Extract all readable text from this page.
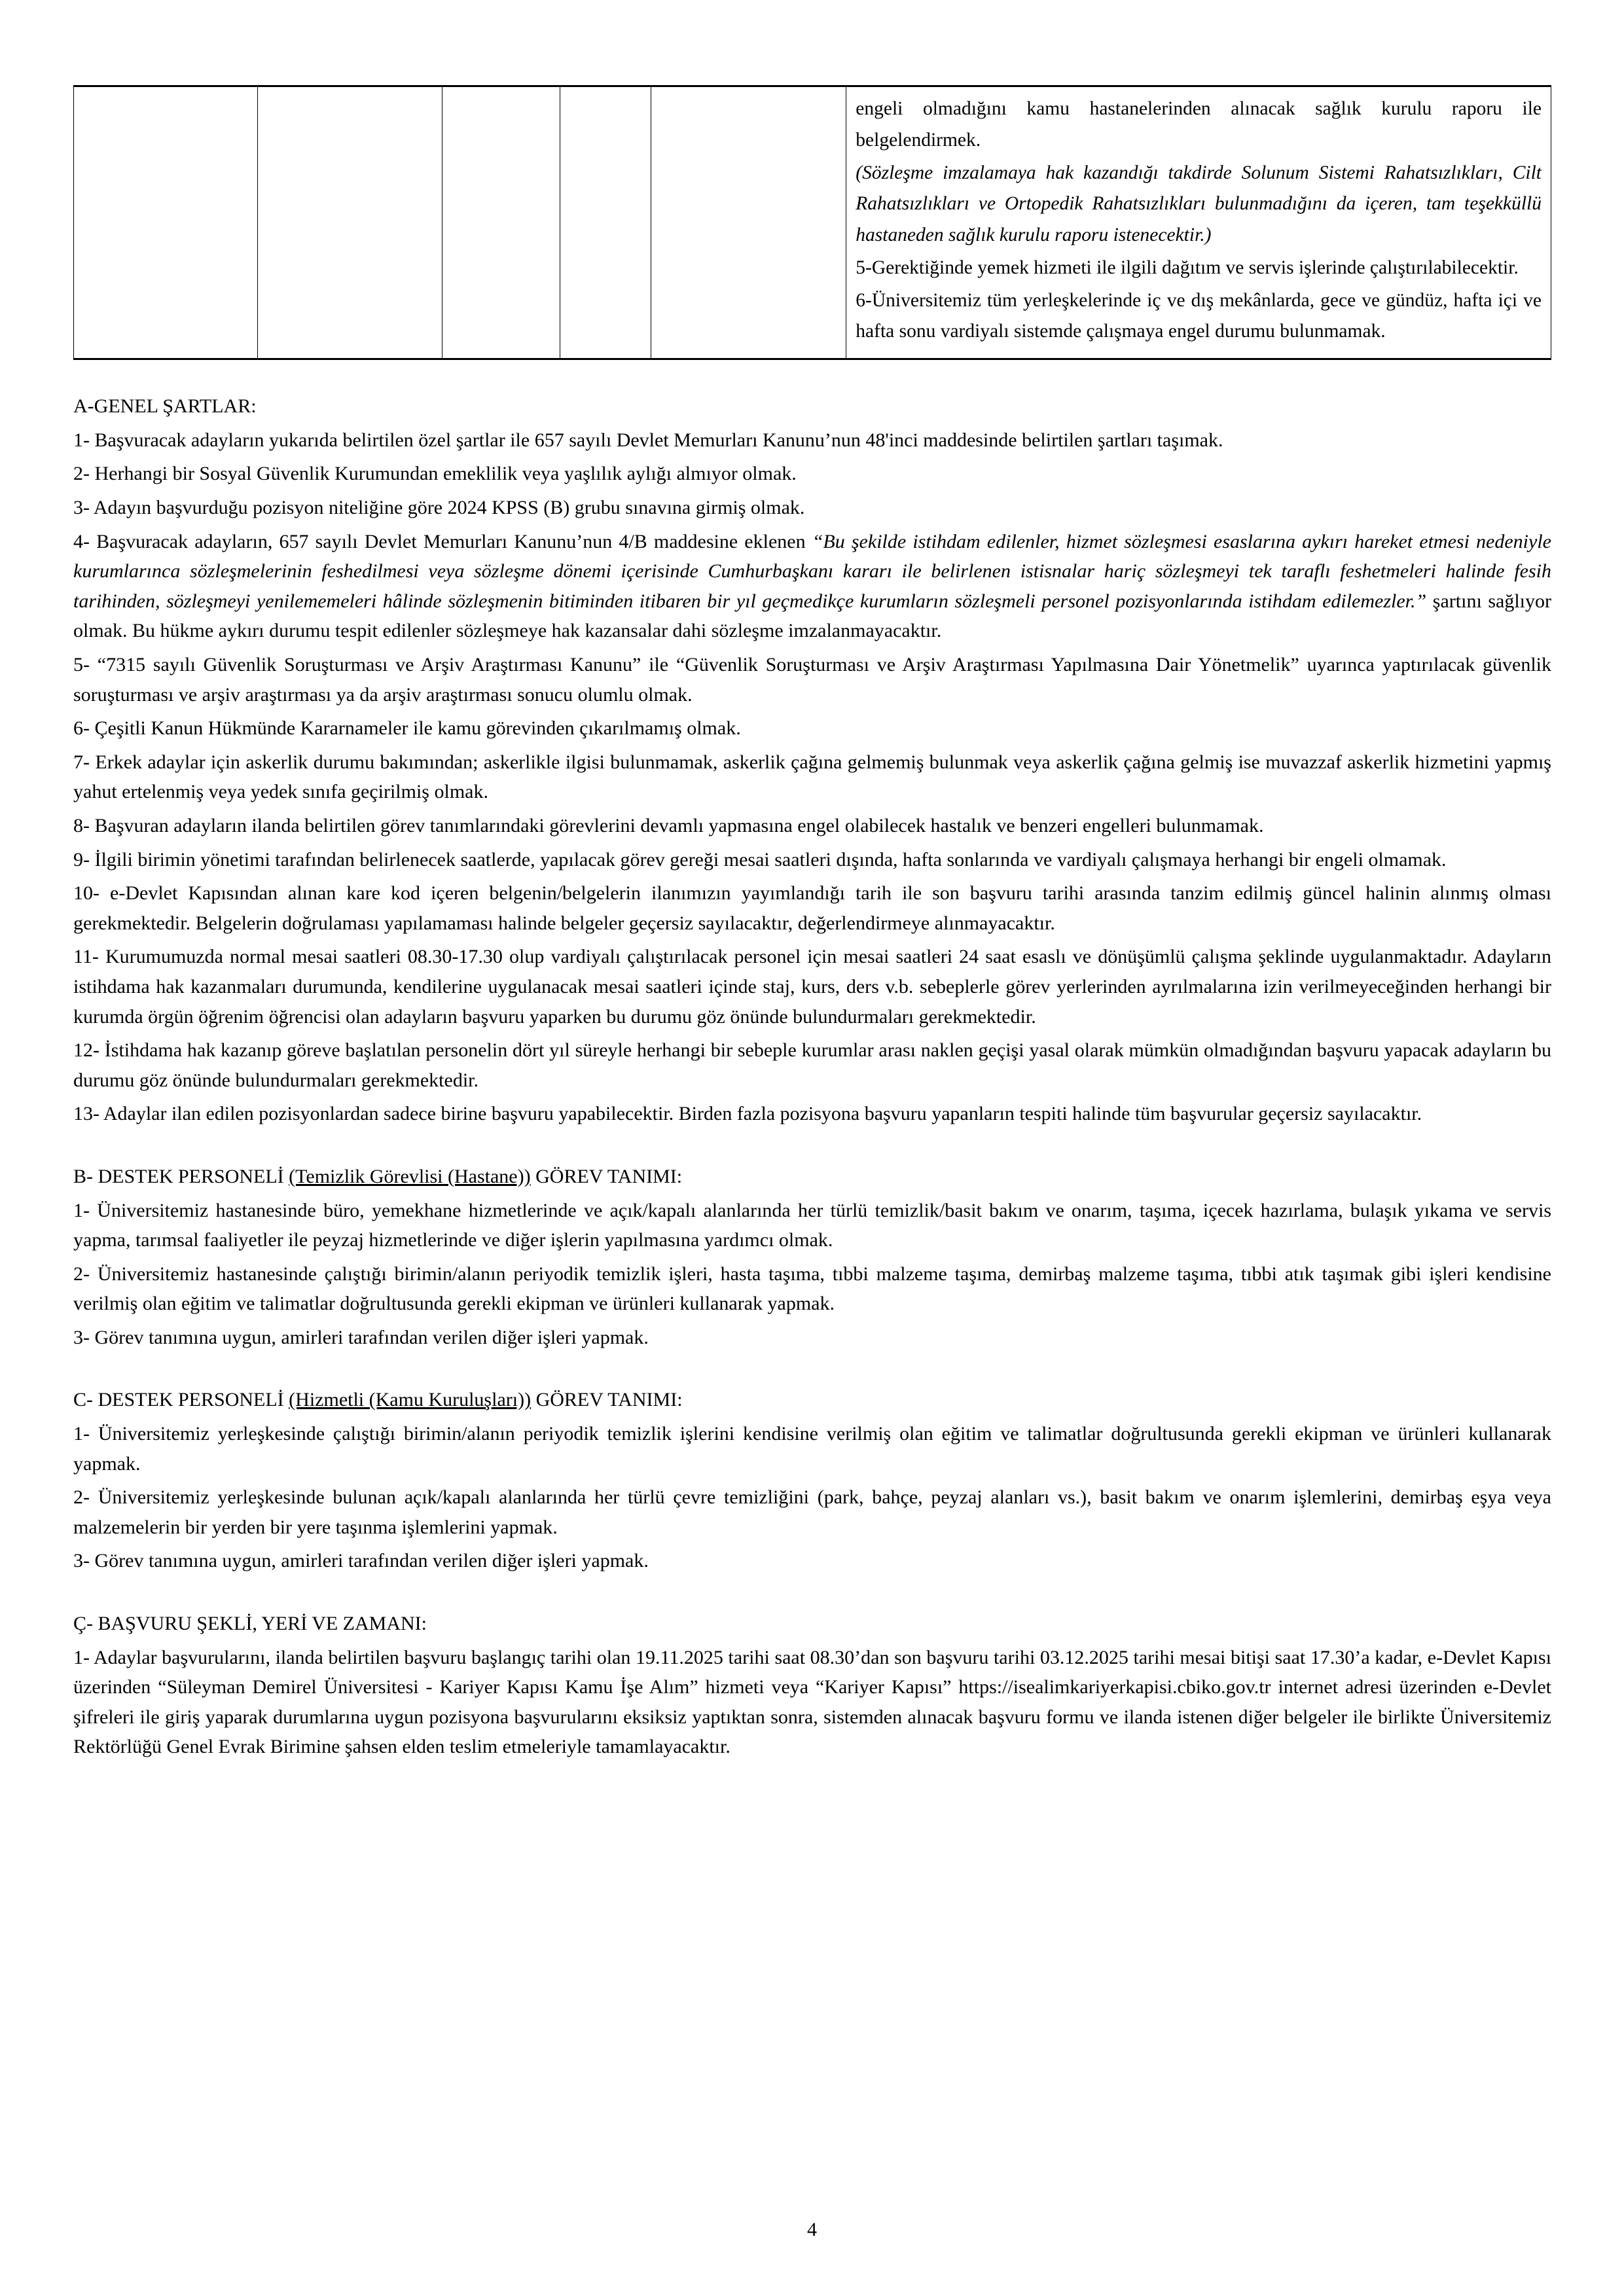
engeli olmadığını kamu hastanelerinden alınacak sağlık kurulu raporu ile belgelendirmek.

(Sözleşme imzalamaya hak kazandığı takdirde Solunum Sistemi Rahatsızlıkları, Cilt Rahatsızlıkları ve Ortopedik Rahatsızlıkları bulunmadığını da içeren, tam teşekküllü hastaneden sağlık kurulu raporu istenecektir.)

5-Gerektiğinde yemek hizmeti ile ilgili dağıtım ve servis işlerinde çalıştırılabilecektir.

6-Üniversitemiz tüm yerleşkelerinde iç ve dış mekânlarda, gece ve gündüz, hafta içi ve hafta sonu vardiyalı sistemde çalışmaya engel durumu bulunmamak.

A-GENEL ŞARTLAR:

1- Başvuracak adayların yukarıda belirtilen özel şartlar ile 657 sayılı Devlet Memurları Kanunu’nun 48'inci maddesinde belirtilen şartları taşımak.

2- Herhangi bir Sosyal Güvenlik Kurumundan emeklilik veya yaşlılık aylığı almıyor olmak.

3- Adayın başvurduğu pozisyon niteliğine göre 2024 KPSS (B) grubu sınavına girmiş olmak.

4- Başvuracak adayların, 657 sayılı Devlet Memurları Kanunu’nun 4/B maddesine eklenen “Bu şekilde istihdam edilenler, hizmet sözleşmesi esaslarına aykırı hareket etmesi nedeniyle kurumlarınca sözleşmelerinin feshedilmesi veya sözleşme dönemi içerisinde Cumhurbaşkanı kararı ile belirlenen istisnalar hariç sözleşmeyi tek taraflı feshetmeleri halinde fesih tarihinden, sözleşmeyi yenilememeleri hâlinde sözleşmenin bitiminden itibaren bir yıl geçmedikçe kurumların sözleşmeli personel pozisyonlarında istihdam edilemezler.” şartını sağlıyor olmak. Bu hükme aykırı durumu tespit edilenler sözleşmeye hak kazansalar dahi sözleşme imzalanmayacaktır.

5- “7315 sayılı Güvenlik Soruşturması ve Arşiv Araştırması Kanunu” ile “Güvenlik Soruşturması ve Arşiv Araştırması Yapılmasına Dair Yönetmelik” uyarınca yaptırılacak güvenlik soruşturması ve arşiv araştırması ya da arşiv araştırması sonucu olumlu olmak.

6- Çeşitli Kanun Hükmünde Kararnameler ile kamu görevinden çıkarılmamış olmak.

7- Erkek adaylar için askerlik durumu bakımından; askerlikle ilgisi bulunmamak, askerlik çağına gelmemiş bulunmak veya askerlik çağına gelmiş ise muvazzaf askerlik hizmetini yapmış yahut ertelenmiş veya yedek sınıfa geçirilmiş olmak.

8- Başvuran adayların ilanda belirtilen görev tanımlarındaki görevlerini devamlı yapmasına engel olabilecek hastalık ve benzeri engelleri bulunmamak.

9- İlgili birimin yönetimi tarafından belirlenecek saatlerde, yapılacak görev gereği mesai saatleri dışında, hafta sonlarında ve vardiyalı çalışmaya herhangi bir engeli olmamak.

10- e-Devlet Kapısından alınan kare kod içeren belgenin/belgelerin ilanımızın yayımlandığı tarih ile son başvuru tarihi arasında tanzim edilmiş güncel halinin alınmış olması gerekmektedir. Belgelerin doğrulaması yapılamaması halinde belgeler geçersiz sayılacaktır, değerlendirmeye alınmayacaktır.

11- Kurumumuzda normal mesai saatleri 08.30-17.30 olup vardiyalı çalıştırılacak personel için mesai saatleri 24 saat esaslı ve dönüşümlü çalışma şeklinde uygulanmaktadır. Adayların istihdama hak kazanmaları durumunda, kendilerine uygulanacak mesai saatleri içinde staj, kurs, ders v.b. sebeplerle görev yerlerinden ayrılmalarına izin verilmeyeceğinden herhangi bir kurumda örgün öğrenim öğrencisi olan adayların başvuru yaparken bu durumu göz önünde bulundurmaları gerekmektedir.

12- İstihdama hak kazanıp göreve başlatılan personelin dört yıl süreyle herhangi bir sebeple kurumlar arası naklen geçişi yasal olarak mümkün olmadığından başvuru yapacak adayların bu durumu göz önünde bulundurmaları gerekmektedir.

13- Adaylar ilan edilen pozisyonlardan sadece birine başvuru yapabilecektir. Birden fazla pozisyona başvuru yapanların tespiti halinde tüm başvurular geçersiz sayılacaktır.

B- DESTEK PERSONELİ (Temizlik Görevlisi (Hastane)) GÖREV TANIMI:

1- Üniversitemiz hastanesinde büro, yemekhane hizmetlerinde ve açık/kapalı alanlarında her türlü temizlik/basit bakım ve onarım, taşıma, içecek hazırlama, bulaşık yıkama ve servis yapma, tarımsal faaliyetler ile peyzaj hizmetlerinde ve diğer işlerin yapılmasına yardımcı olmak.

2- Üniversitemiz hastanesinde çalıştığı birimin/alanın periyodik temizlik işleri, hasta taşıma, tıbbi malzeme taşıma, demirbaş malzeme taşıma, tıbbi atık taşımak gibi işleri kendisine verilmiş olan eğitim ve talimatlar doğrultusunda gerekli ekipman ve ürünleri kullanarak yapmak.

3- Görev tanımına uygun, amirleri tarafından verilen diğer işleri yapmak.

C- DESTEK PERSONELİ (Hizmetli (Kamu Kuruluşları)) GÖREV TANIMI:

1- Üniversitemiz yerleşkesinde çalıştığı birimin/alanın periyodik temizlik işlerini kendisine verilmiş olan eğitim ve talimatlar doğrultusunda gerekli ekipman ve ürünleri kullanarak yapmak.

2- Üniversitemiz yerleşkesinde bulunan açık/kapalı alanlarında her türlü çevre temizliğini (park, bahçe, peyzaj alanları vs.), basit bakım ve onarım işlemlerini, demirbaş eşya veya malzemelerin bir yerden bir yere taşınma işlemlerini yapmak.

3- Görev tanımına uygun, amirleri tarafından verilen diğer işleri yapmak.

Ç- BAŞVURU ŞEKLİ, YERİ VE ZAMANI:

1- Adaylar başvurularını, ilanda belirtilen başvuru başlangıç tarihi olan 19.11.2025 tarihi saat 08.30’dan son başvuru tarihi 03.12.2025 tarihi mesai bitişi saat 17.30’a kadar, e-Devlet Kapısı üzerinden “Süleyman Demirel Üniversitesi - Kariyer Kapısı Kamu İşe Alım” hizmeti veya “Kariyer Kapısı” https://isealimkariyerkapisi.cbiko.gov.tr internet adresi üzerinden e-Devlet şifreleri ile giriş yaparak durumlarına uygun pozisyona başvurularını eksiksiz yaptıktan sonra, sistemden alınacak başvuru formu ve ilanda istenen diğer belgeler ile birlikte Üniversitemiz Rektörlüğü Genel Evrak Birimine şahsen elden teslim etmeleriyle tamamlayacaktır.

4
